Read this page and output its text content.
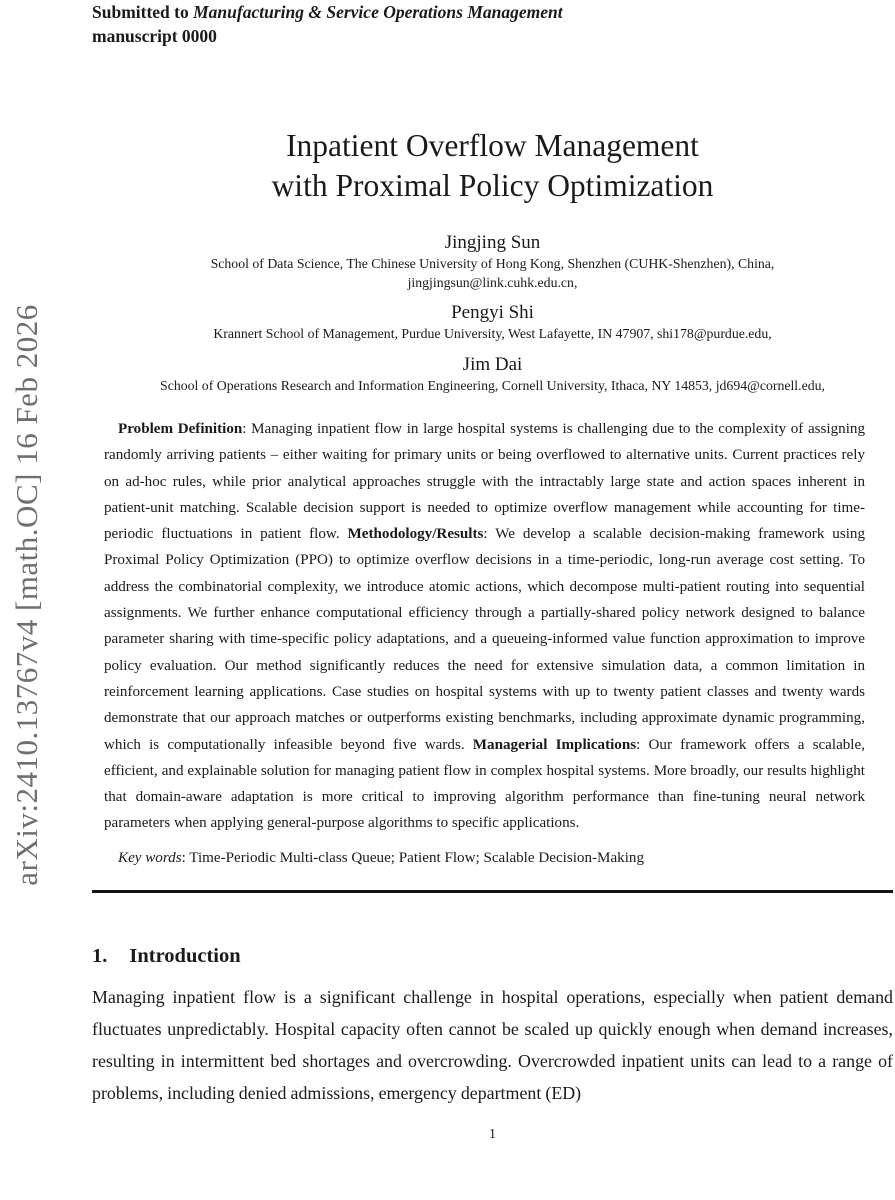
arXiv:2410.13767v4 [math.OC] 16 Feb 2026
Submitted to Manufacturing & Service Operations Management
manuscript 0000
Inpatient Overflow Management
with Proximal Policy Optimization
Jingjing Sun
School of Data Science, The Chinese University of Hong Kong, Shenzhen (CUHK-Shenzhen), China,
jingjingsun@link.cuhk.edu.cn,
Pengyi Shi
Krannert School of Management, Purdue University, West Lafayette, IN 47907, shi178@purdue.edu,
Jim Dai
School of Operations Research and Information Engineering, Cornell University, Ithaca, NY 14853, jd694@cornell.edu,

Problem Definition: Managing inpatient flow in large hospital systems is challenging due to the complexity of assigning randomly arriving patients – either waiting for primary units or being overflowed to alternative units. Current practices rely on ad-hoc rules, while prior analytical approaches struggle with the intractably large state and action spaces inherent in patient-unit matching. Scalable decision support is needed to optimize overflow management while accounting for time-periodic fluctuations in patient flow. Methodology/Results: We develop a scalable decision-making framework using Proximal Policy Optimization (PPO) to optimize overflow decisions in a time-periodic, long-run average cost setting. To address the combinatorial complexity, we introduce atomic actions, which decompose multi-patient routing into sequential assignments. We further enhance computational efficiency through a partially-shared policy network designed to balance parameter sharing with time-specific policy adaptations, and a queueing-informed value function approximation to improve policy evaluation. Our method significantly reduces the need for extensive simulation data, a common limitation in reinforcement learning applications. Case studies on hospital systems with up to twenty patient classes and twenty wards demonstrate that our approach matches or outperforms existing benchmarks, including approximate dynamic programming, which is computationally infeasible beyond five wards. Managerial Implications: Our framework offers a scalable, efficient, and explainable solution for managing patient flow in complex hospital systems. More broadly, our results highlight that domain-aware adaptation is more critical to improving algorithm performance than fine-tuning neural network parameters when applying general-purpose algorithms to specific applications.

Key words: Time-Periodic Multi-class Queue; Patient Flow; Scalable Decision-Making

1. Introduction

Managing inpatient flow is a significant challenge in hospital operations, especially when patient demand fluctuates unpredictably. Hospital capacity often cannot be scaled up quickly enough when demand increases, resulting in intermittent bed shortages and overcrowding. Overcrowded inpatient units can lead to a range of problems, including denied admissions, emergency department (ED)

1
